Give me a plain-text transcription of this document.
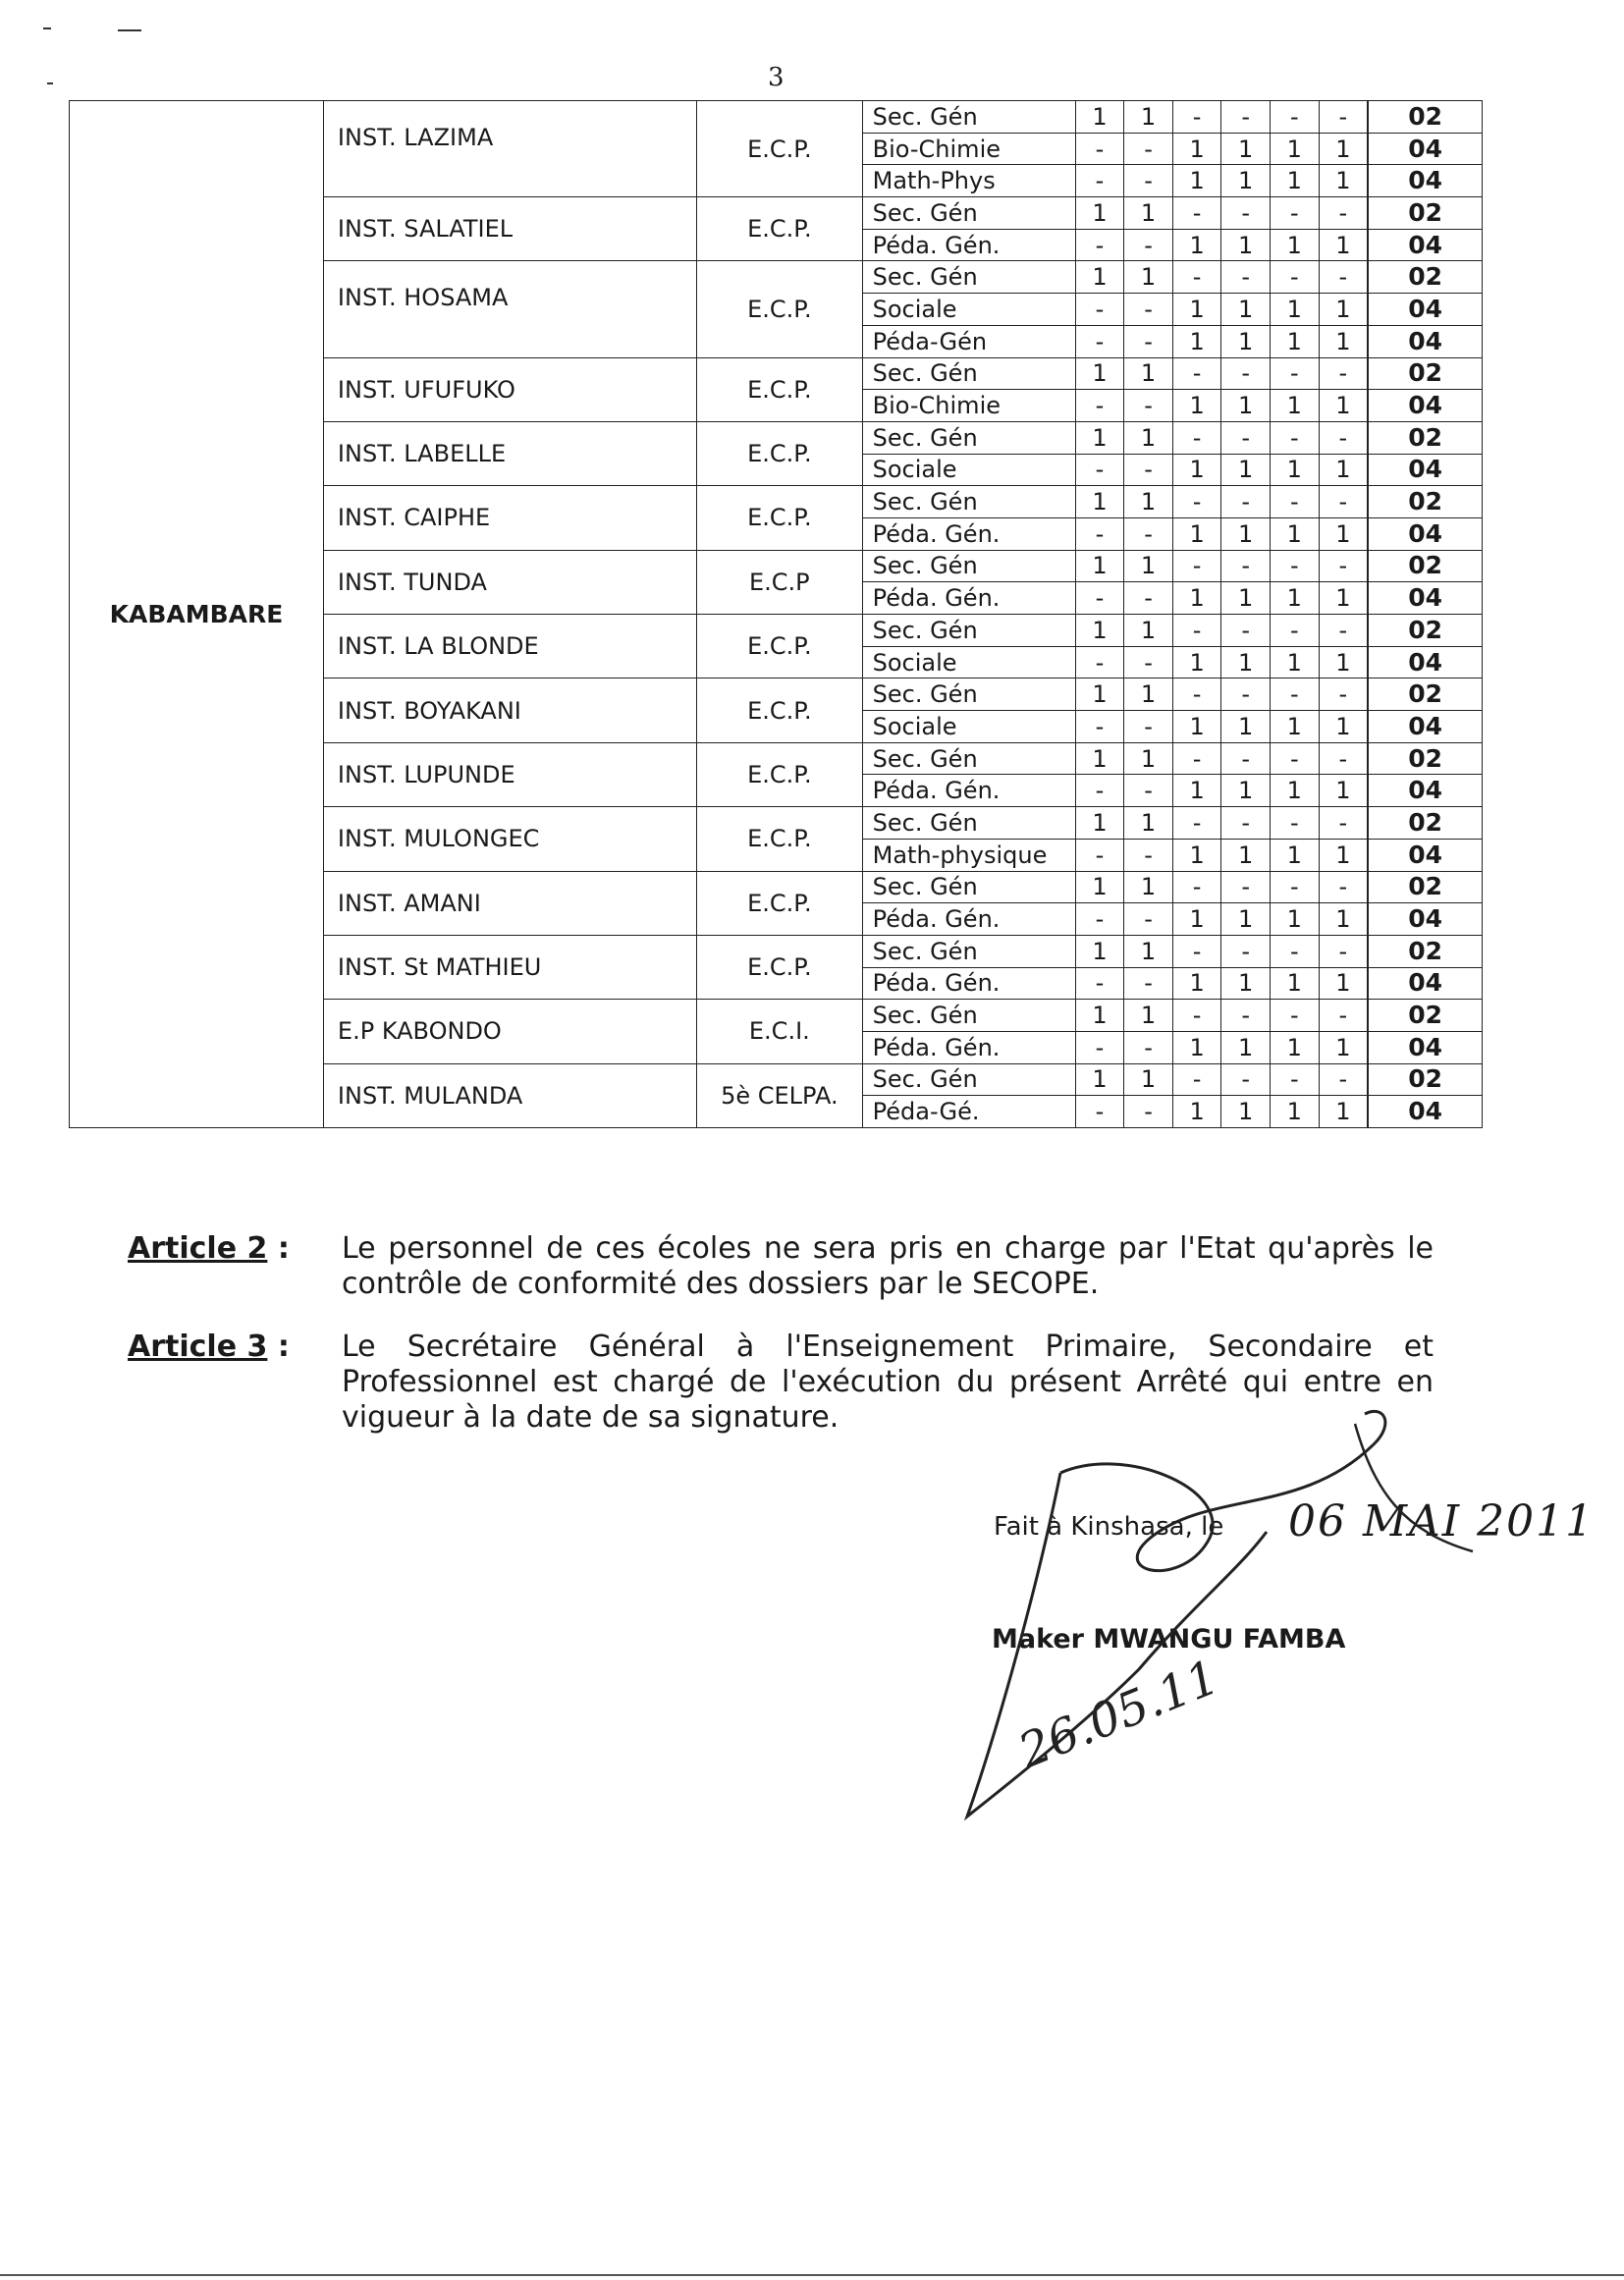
3
KABAMBARE	INST. LAZIMA	E.C.P.	Sec. Gén	1	1	-	-	-	-		02
			Bio-Chimie	-	-	1	1	1	1		04
			Math-Phys	-	-	1	1	1	1		04
	INST. SALATIEL	E.C.P.	Sec. Gén	1	1	-	-	-	-		02
			Péda. Gén.	-	-	1	1	1	1		04
	INST. HOSAMA	E.C.P.	Sec. Gén	1	1	-	-	-	-		02
			Sociale	-	-	1	1	1	1		04
			Péda-Gén	-	-	1	1	1	1		04
	INST. UFUFUKO	E.C.P.	Sec. Gén	1	1	-	-	-	-		02
			Bio-Chimie	-	-	1	1	1	1		04
	INST. LABELLE	E.C.P.	Sec. Gén	1	1	-	-	-	-		02
			Sociale	-	-	1	1	1	1		04
	INST. CAIPHE	E.C.P.	Sec. Gén	1	1	-	-	-	-		02
			Péda. Gén.	-	-	1	1	1	1		04
	INST. TUNDA	E.C.P	Sec. Gén	1	1	-	-	-	-		02
			Péda. Gén.	-	-	1	1	1	1		04
	INST. LA BLONDE	E.C.P.	Sec. Gén	1	1	-	-	-	-		02
			Sociale	-	-	1	1	1	1		04
	INST. BOYAKANI	E.C.P.	Sec. Gén	1	1	-	-	-	-		02
			Sociale	-	-	1	1	1	1		04
	INST. LUPUNDE	E.C.P.	Sec. Gén	1	1	-	-	-	-		02
			Péda. Gén.	-	-	1	1	1	1		04
	INST. MULONGEC	E.C.P.	Sec. Gén	1	1	-	-	-	-		02
			Math-physique	-	-	1	1	1	1		04
	INST. AMANI	E.C.P.	Sec. Gén	1	1	-	-	-	-		02
			Péda. Gén.	-	-	1	1	1	1		04
	INST. St MATHIEU	E.C.P.	Sec. Gén	1	1	-	-	-	-		02
			Péda. Gén.	-	-	1	1	1	1		04
	E.P KABONDO	E.C.I.	Sec. Gén	1	1	-	-	-	-		02
			Péda. Gén.	-	-	1	1	1	1		04
	INST. MULANDA	5è CELPA.	Sec. Gén	1	1	-	-	-	-		02
			Péda-Gé.	-	-	1	1	1	1		04
Article 2 :	Le personnel de ces écoles ne sera pris en charge par l'Etat qu'après le contrôle de conformité des dossiers par le SECOPE.
Article 3 :	Le Secrétaire Général à l'Enseignement Primaire, Secondaire et Professionnel est chargé de l'exécution du présent Arrêté qui entre en vigueur à la date de sa signature.
Fait à Kinshasa, le 06 MAI 2011
Maker MWANGU FAMBA
26.05.11
